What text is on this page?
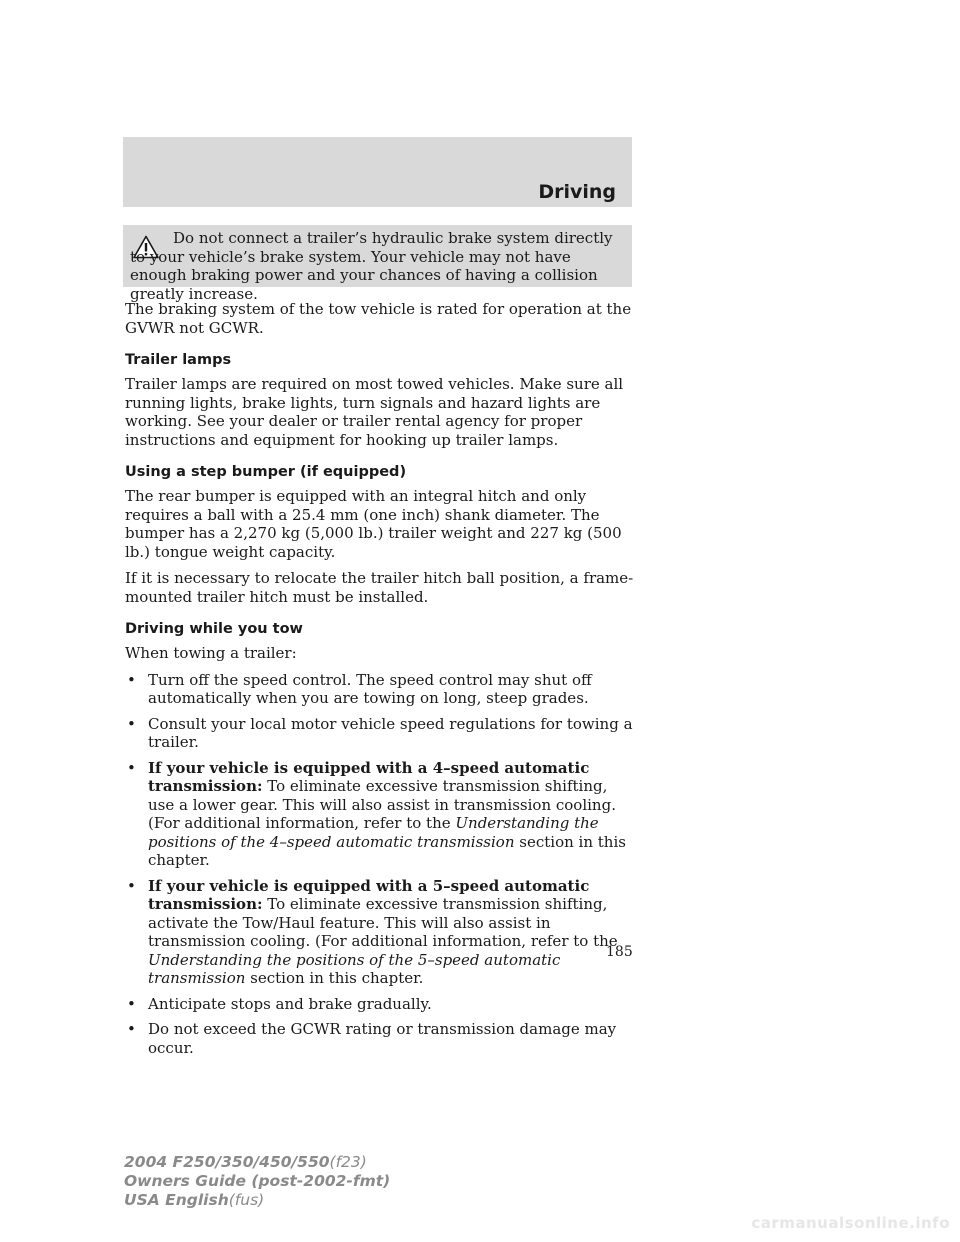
Driving

Do not connect a trailer’s hydraulic brake system directly to your vehicle’s brake system. Your vehicle may not have enough braking power and your chances of having a collision greatly increase.

The braking system of the tow vehicle is rated for operation at the GVWR not GCWR.

Trailer lamps

Trailer lamps are required on most towed vehicles. Make sure all running lights, brake lights, turn signals and hazard lights are working. See your dealer or trailer rental agency for proper instructions and equipment for hooking up trailer lamps.

Using a step bumper (if equipped)

The rear bumper is equipped with an integral hitch and only requires a ball with a 25.4 mm (one inch) shank diameter. The bumper has a 2,270 kg (5,000 lb.) trailer weight and 227 kg (500 lb.) tongue weight capacity.

If it is necessary to relocate the trailer hitch ball position, a frame-mounted trailer hitch must be installed.

Driving while you tow

When towing a trailer:

• Turn off the speed control. The speed control may shut off automatically when you are towing on long, steep grades.
• Consult your local motor vehicle speed regulations for towing a trailer.
• If your vehicle is equipped with a 4–speed automatic transmission: To eliminate excessive transmission shifting, use a lower gear. This will also assist in transmission cooling. (For additional information, refer to the Understanding the positions of the 4–speed automatic transmission section in this chapter.
• If your vehicle is equipped with a 5–speed automatic transmission: To eliminate excessive transmission shifting, activate the Tow/Haul feature. This will also assist in transmission cooling. (For additional information, refer to the Understanding the positions of the 5–speed automatic transmission section in this chapter.
• Anticipate stops and brake gradually.
• Do not exceed the GCWR rating or transmission damage may occur.
185
2004 F250/350/450/550(f23)
Owners Guide (post-2002-fmt)
USA English(fus)
carmanualsonline.info
